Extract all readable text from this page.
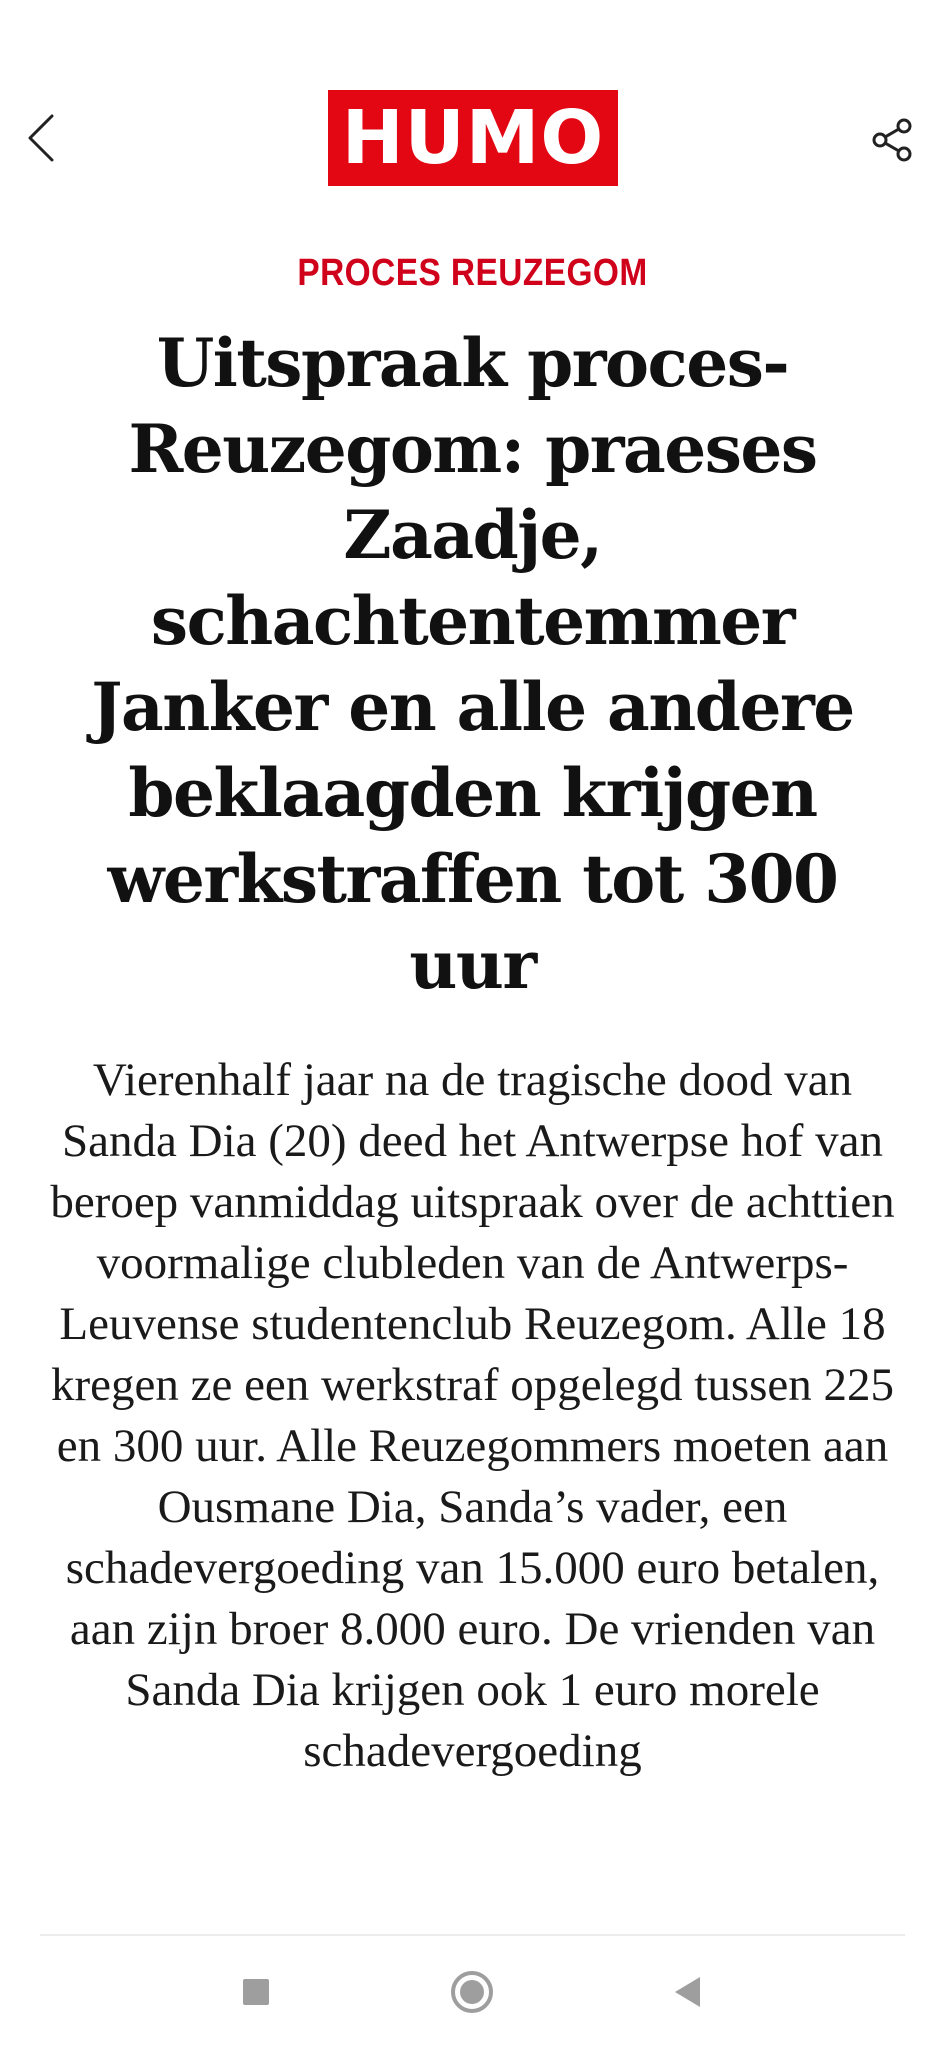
HUMO
PROCES REUZEGOM
Uitspraak proces-Reuzegom: praeses Zaadje, schachtentemmer Janker en alle andere beklaagden krijgen werkstraffen tot 300 uur

Vierenhalf jaar na de tragische dood van Sanda Dia (20) deed het Antwerpse hof van beroep vanmiddag uitspraak over de achttien voormalige clubleden van de Antwerps-Leuvense studentenclub Reuzegom. Alle 18 kregen ze een werkstraf opgelegd tussen 225 en 300 uur. Alle Reuzegommers moeten aan Ousmane Dia, Sanda’s vader, een schadevergoeding van 15.000 euro betalen, aan zijn broer 8.000 euro. De vrienden van Sanda Dia krijgen ook 1 euro morele schadevergoeding
